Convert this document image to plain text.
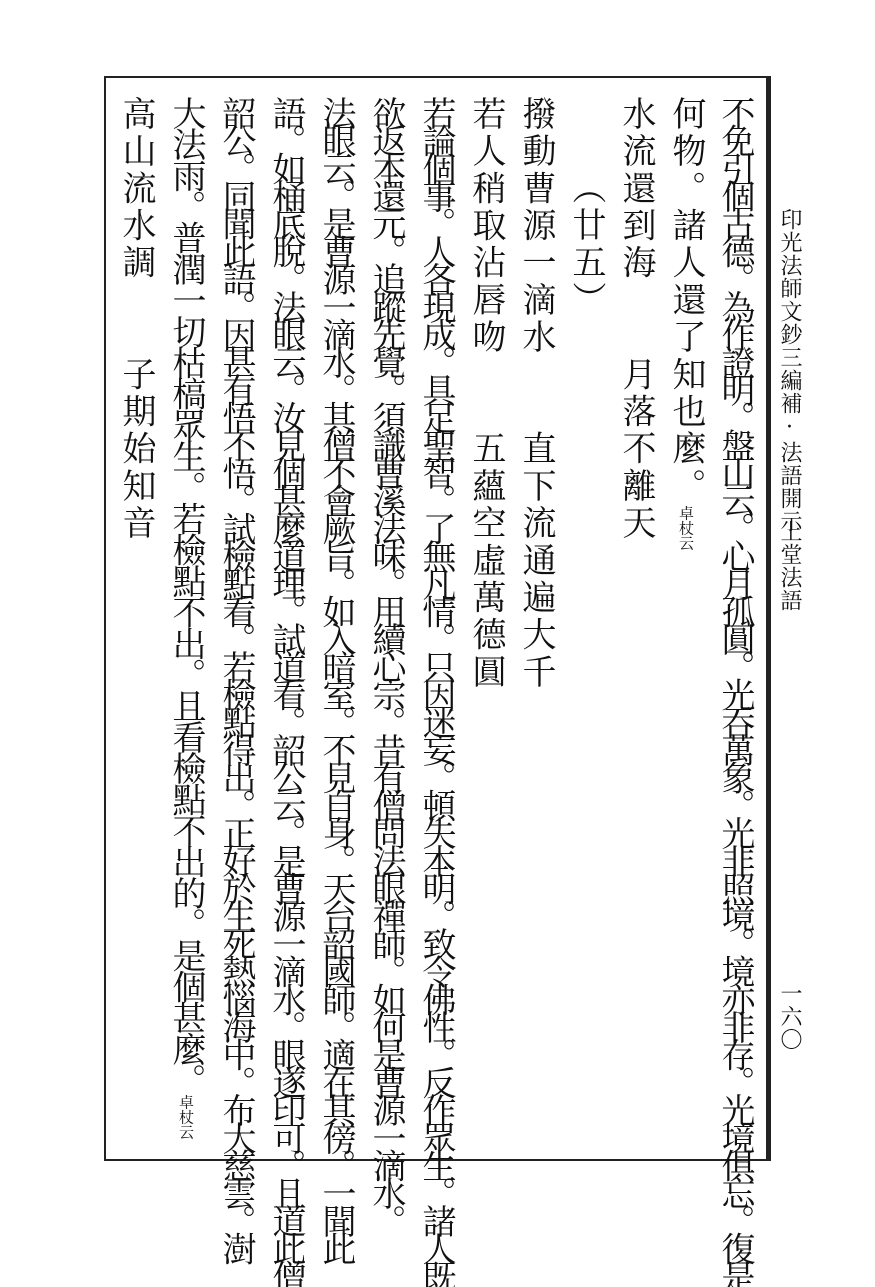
印光法師文鈔三編補·法語開示
上堂法語
一六〇
不免引個古德。為作證明。盤山云。心月孤圓。光吞萬象。光非照境。境亦非存。光境俱忘。復是
何物。諸人還了知也麼。卓杖云
水流還到海　　月落不離天
（廿五）
撥動曹源一滴水　　直下流通遍大千
若人稍取沾唇吻　　五蘊空虛萬德圓
若論個事。人各現成。具足聖智。了無凡情。只因迷妄。頓失本明。致令佛性。反作眾生。諸人既
欲返本還元。追蹤先覺。須識曹溪法味。用續心宗。昔有僧問法眼禪師。如何是曹源一滴水。
法眼云。是曹源一滴水。其僧不會厥旨。如入暗室。不見自身。天台韶國師。適在其傍。一聞此
語。如桶底脫。法眼云。汝見個甚麼道理。試道看。韶公云。是曹源一滴水。眼遂印可。且道此僧
韶公。同聞此語。因甚有悟不悟。試檢點看。若檢點得出。正好於生死熱惱海中。布大慈雲。澍
大法雨。普潤一切枯槁眾生。若檢點不出。且看檢點不出的。是個甚麼。卓杖云
高山流水調　　子期始知音
